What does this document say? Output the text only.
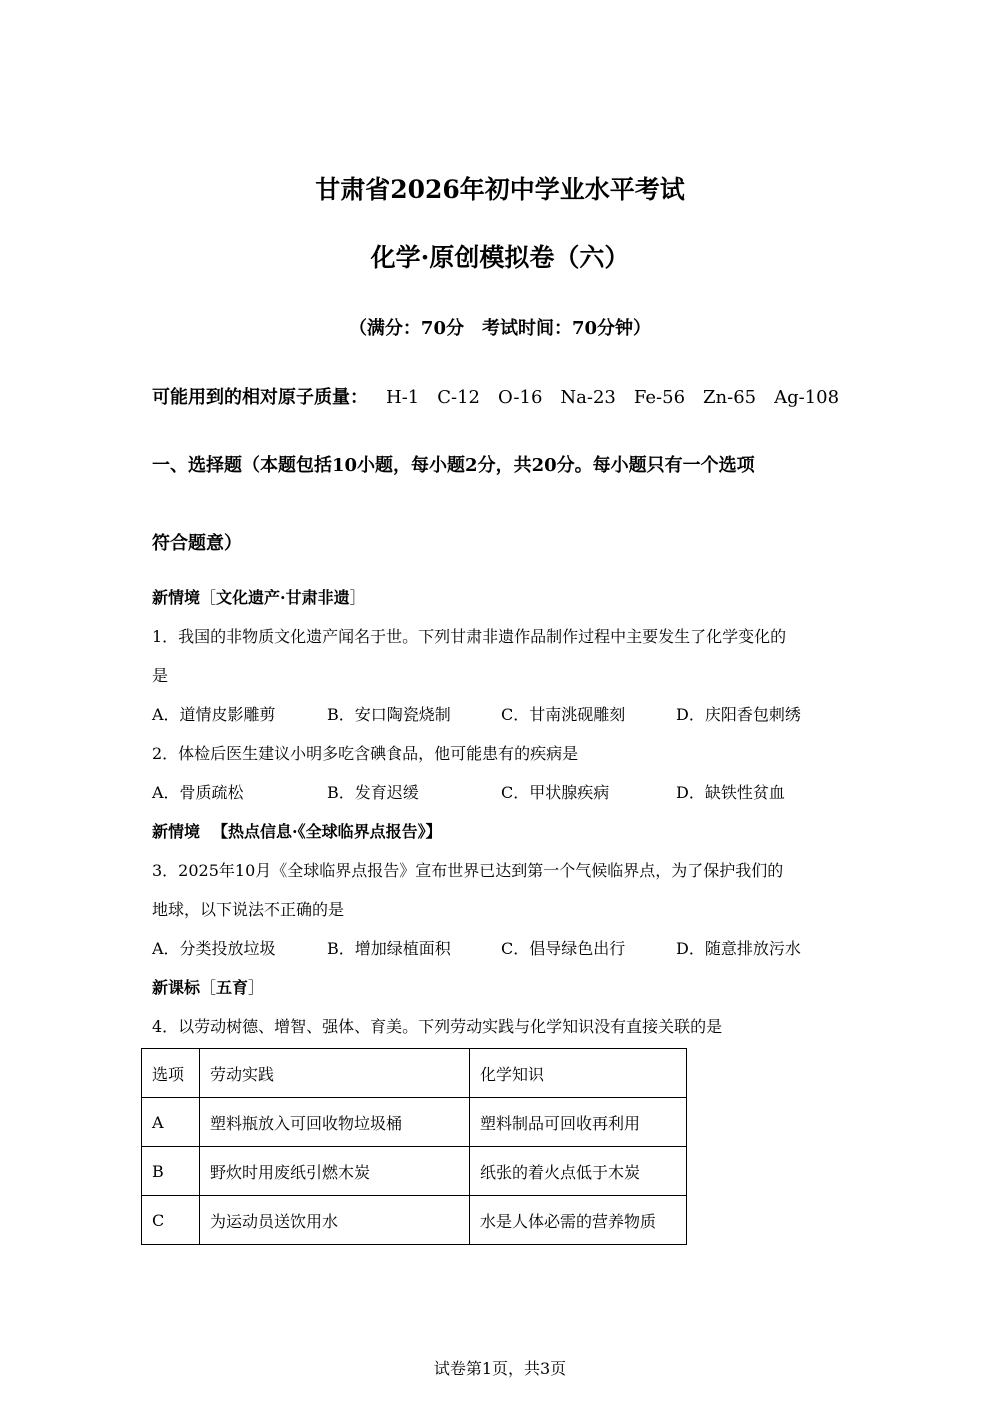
甘肃省2026年初中学业水平考试
化学·原创模拟卷（六）
（满分：70分　考试时间：70分钟）
可能用到的相对原子质量： H-1 C-12 O-16 Na-23 Fe-56 Zn-65 Ag-108
一、选择题（本题包括10小题，每小题2分，共20分。每小题只有一个选项
符合题意）
新情境［文化遗产·甘肃非遗］
1．我国的非物质文化遗产闻名于世。下列甘肃非遗作品制作过程中主要发生了化学变化的
是
A．道情皮影雕剪	B．安口陶瓷烧制	C．甘南洮砚雕刻	D．庆阳香包刺绣
2．体检后医生建议小明多吃含碘食品，他可能患有的疾病是
A．骨质疏松	B．发育迟缓	C．甲状腺疾病	D．缺铁性贫血
新情境 【热点信息·《全球临界点报告》】
3．2025年10月《全球临界点报告》宣布世界已达到第一个气候临界点，为了保护我们的
地球，以下说法不正确的是
A．分类投放垃圾	B．增加绿植面积	C．倡导绿色出行	D．随意排放污水
新课标［五育］
4．以劳动树德、增智、强体、育美。下列劳动实践与化学知识没有直接关联的是
选项	劳动实践	化学知识
A	塑料瓶放入可回收物垃圾桶	塑料制品可回收再利用
B	野炊时用废纸引燃木炭	纸张的着火点低于木炭
C	为运动员送饮用水	水是人体必需的营养物质
试卷第1页，共3页
